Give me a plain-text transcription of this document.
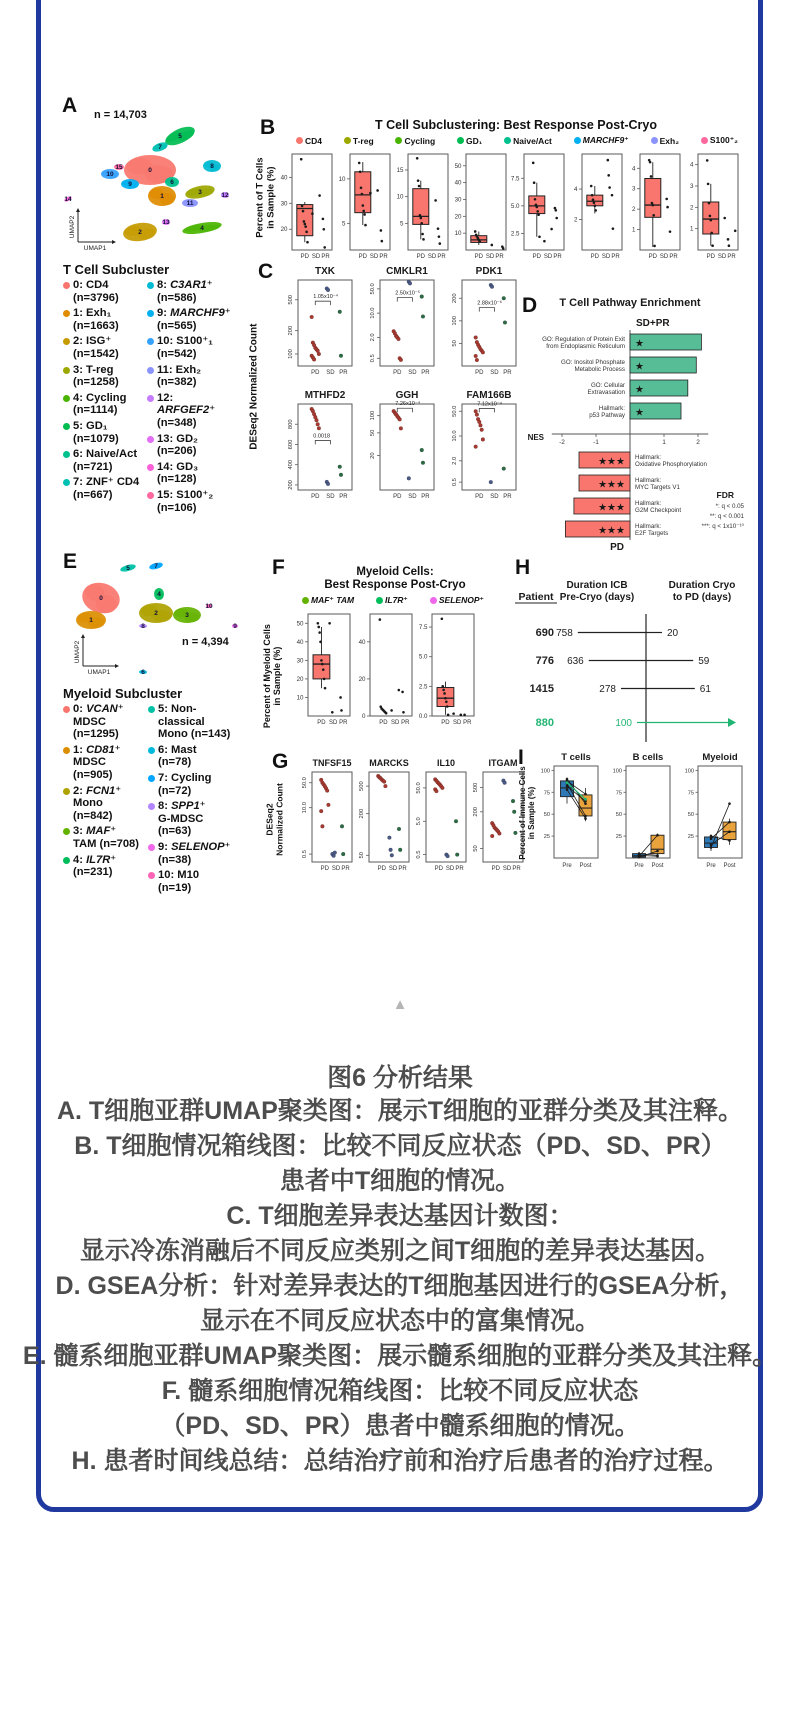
A n = 14,703
0
1
2
3
4
5
6
7
8
9
10
11
12
13
14
15
UMAP1
UMAP2
T Cell Subcluster
0: CD4
(n=3796)
1: Exh₁
(n=1663)
2: ISG⁺
(n=1542)
3: T-reg
(n=1258)
4: Cycling
(n=1114)
5: GD₁
(n=1079)
6: Naive/Act
(n=721)
7: ZNF⁺ CD4
(n=667)
8: C3AR1⁺
(n=586)
9: MARCHF9⁺
(n=565)
10: S100⁺₁
(n=542)
11: Exh₂
(n=382)
12: ARFGEF2⁺
(n=348)
13: GD₂
(n=206)
14: GD₃
(n=128)
15: S100⁺₂
(n=106)
B	T Cell Subclustering: Best Response Post-Cryo
CD4	T-reg	Cycling	GD₁	Naive/Act	MARCHF9⁺	Exh₂	S100⁺₂
Percent of T Cells in Sample (%)
20
30
40
PD SD PR
5
10
PD SD PR
5
10
15
PD SD PR
10
20
30
40
50
PD SD PR
2.5
5.0
7.5
PD SD PR
2
4
PD SD PR
1
2
3
4
PD SD PR
1
2
3
4
PD SD PR
C
DESeq2 Normalized Count
TXK
100
200
500	1.05x10⁻⁴
PD SD PR
CMKLR1
0.5
2.0
10.0
50.0	2.50x10⁻⁵
PD SD PR
PDK1
50
100
200
2.88x10⁻⁶
PD SD PR
MTHFD2
200
400
600
800
0.0018
PD SD PR
GGH
20
50
100
7.26x10⁻⁴
PD SD PR
FAM166B
0.5
2.0
10.0
50.0
7.12x10⁻⁴
PD SD PR
D T Cell Pathway Enrichment
SD+PR
★
GO: Regulation of Protein Exit
from Endoplasmic Reticulum
★
GO: Inositol Phosphate
Metabolic Process
★
GO: Cellular
Extravasation
★
Hallmark:
p53 Pathway
-2	-1	1	2
NES
★★★ Hallmark:
Oxidative Phosphorylation
★★★ Hallmark:
MYC Targets V1
★★★ Hallmark:
G2M Checkpoint
★★★ Hallmark:
E2F Targets
PD
FDR
*: q < 0.05
**: q < 0.001
***: q < 1x10⁻¹⁰
E
0
1
2	3
4
5
6
7
8	9
10
UMAP1
UMAP2	n = 4,394
Myeloid Subcluster
0: VCAN⁺
MDSC
(n=1295)
1: CD81⁺
MDSC
(n=905)
2: FCN1⁺
Mono
(n=842)
3: MAF⁺
TAM (n=708)
4: IL7R⁺
(n=231)
5: Non-classical
Mono (n=143)
6: Mast
(n=78)
7: Cycling
(n=72)
8: SPP1⁺
G-MDSC
(n=63)
9: SELENOP⁺
(n=38)
10: M10
(n=19)
F	Myeloid Cells:
Best Response Post-Cryo
MAF⁺ TAM	IL7R⁺	SELENOP⁺
Percent of Myeloid Cells in Sample (%) 10
20
30
40
50
PD SD PR
0
20
40
PD SD PR
0.0
2.5
5.0
7.5
PD SD PR
G
DESeq2 Normalized Count
TNFSF15
0.5
10.0
50.0
PD SD PR
MARCKS
50
200
500
PD SD PR
IL10
0.5
5.0
50.0
PD SD PR
ITGAM
50
200
500
PD SD PR
H
Patient
Duration ICB
Pre-Cryo (days)
Duration Cryo
to PD (days)
690 758	20
776 636	59
1415	278	61
880	100
I
Percent of Immune Cells in Sample (%)
T cells
25
50
75
100
Pre Post
B cells
25
50
75
100
Pre Post
Myeloid
25
50
75
100
Pre Post
▲
图6 分析结果
A. T细胞亚群UMAP聚类图：展示T细胞的亚群分类及其注释。
B. T细胞情况箱线图：比较不同反应状态（PD、SD、PR）
患者中T细胞的情况。
C. T细胞差异表达基因计数图：
显示冷冻消融后不同反应类别之间T细胞的差异表达基因。
D. GSEA分析：针对差异表达的T细胞基因进行的GSEA分析，
显示在不同反应状态中的富集情况。
E. 髓系细胞亚群UMAP聚类图：展示髓系细胞的亚群分类及其注释。
F. 髓系细胞情况箱线图：比较不同反应状态
（PD、SD、PR）患者中髓系细胞的情况。
H. 患者时间线总结：总结治疗前和治疗后患者的治疗过程。
